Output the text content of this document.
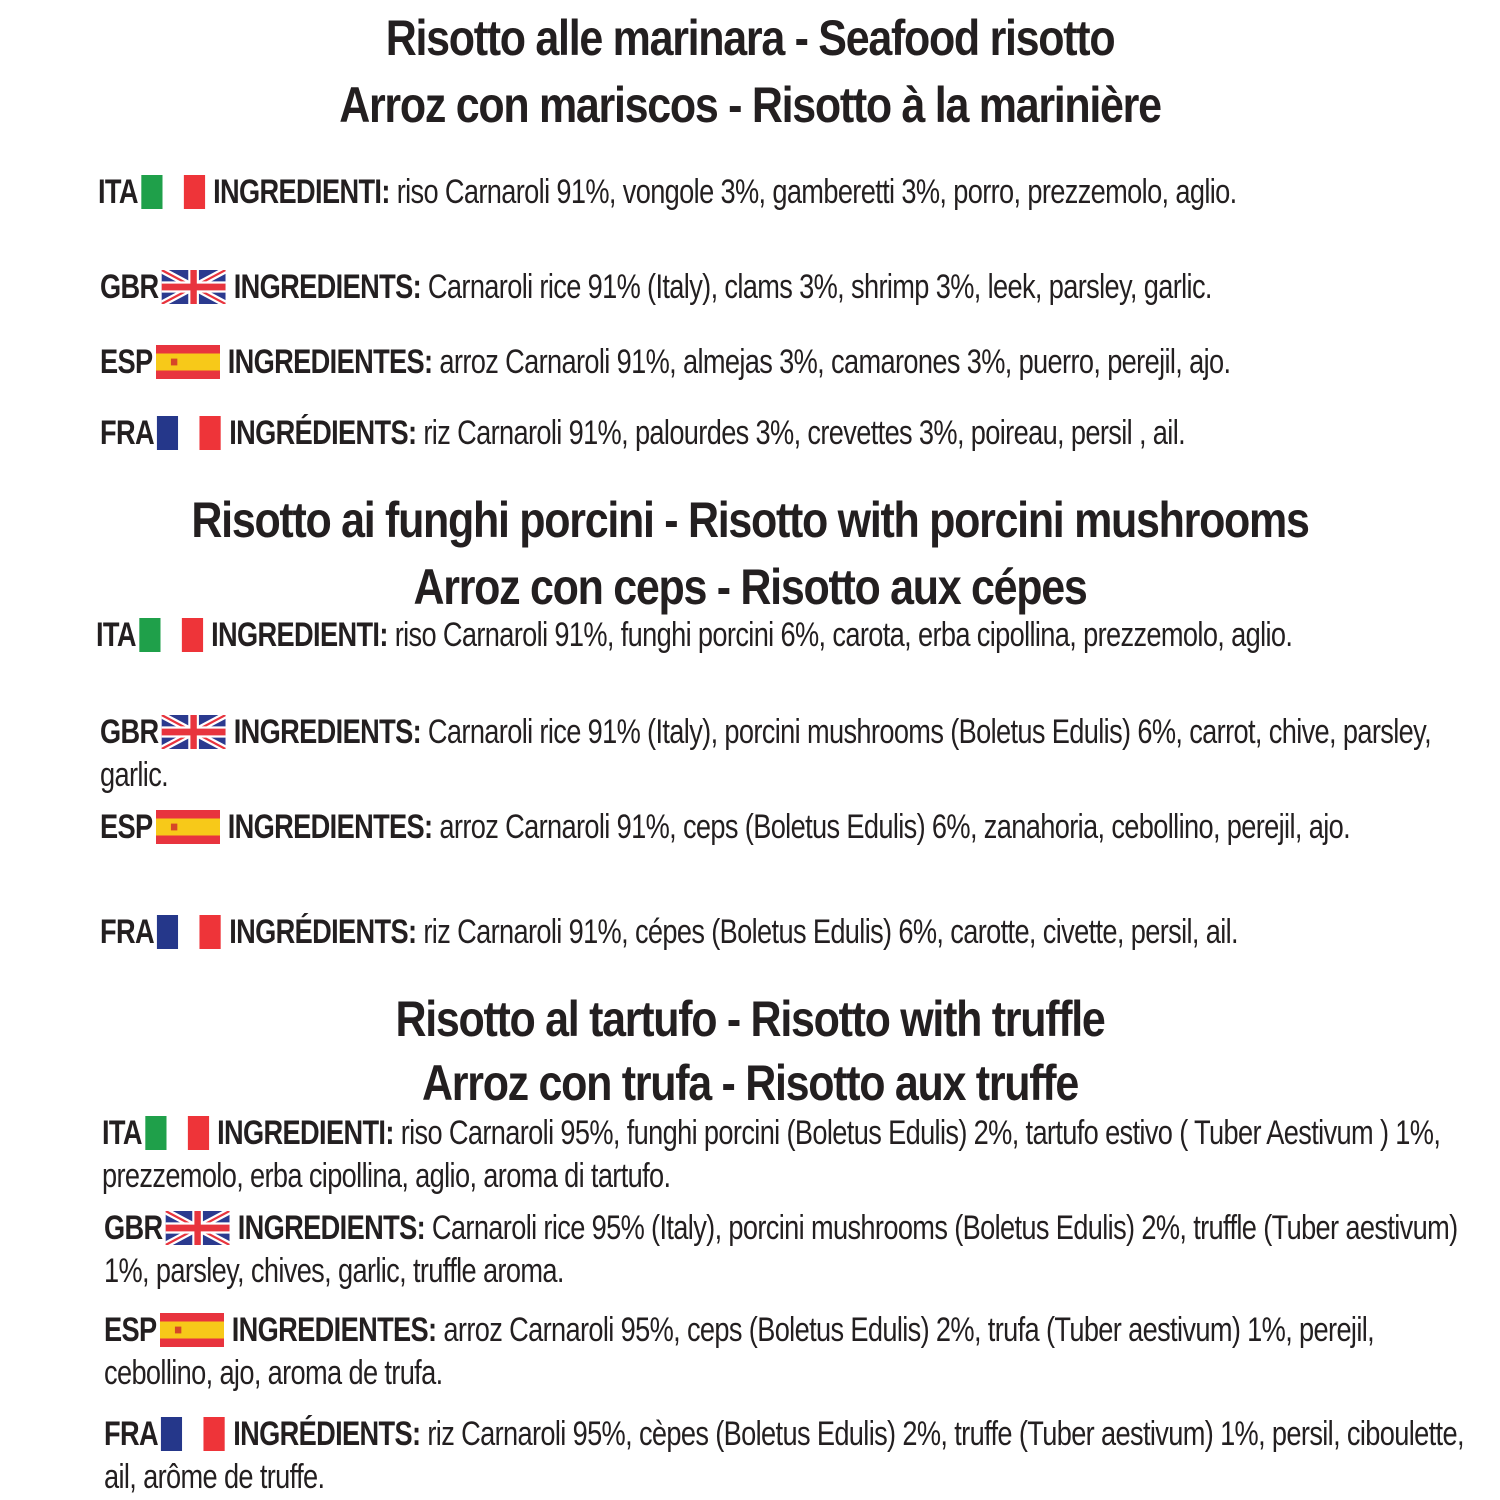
Risotto alle marinara - Seafood risotto
Arroz con mariscos - Risotto à la marinière
ITA INGREDIENTI: riso Carnaroli 91%, vongole 3%, gamberetti 3%, porro, prezzemolo, aglio.
GBR INGREDIENTS: Carnaroli rice 91% (Italy), clams 3%, shrimp 3%, leek, parsley, garlic.
ESP INGREDIENTES: arroz Carnaroli 91%, almejas 3%, camarones 3%, puerro, perejil, ajo.
FRA INGRÉDIENTS: riz Carnaroli 91%, palourdes 3%, crevettes 3%, poireau, persil , ail.
Risotto ai funghi porcini - Risotto with porcini mushrooms
Arroz con ceps - Risotto aux cépes
ITA INGREDIENTI: riso Carnaroli 91%, funghi porcini 6%, carota, erba cipollina, prezzemolo, aglio.
GBR INGREDIENTS: Carnaroli rice 91% (Italy), porcini mushrooms (Boletus Edulis) 6%, carrot, chive, parsley, garlic.
ESP INGREDIENTES: arroz Carnaroli 91%, ceps (Boletus Edulis) 6%, zanahoria, cebollino, perejil, ajo.
FRA INGRÉDIENTS: riz Carnaroli 91%, cépes (Boletus Edulis) 6%, carotte, civette, persil, ail.
Risotto al tartufo - Risotto with truffle
Arroz con trufa - Risotto aux truffe
ITA INGREDIENTI: riso Carnaroli 95%, funghi porcini (Boletus Edulis) 2%, tartufo estivo ( Tuber Aestivum ) 1%, prezzemolo, erba cipollina, aglio, aroma di tartufo.
GBR INGREDIENTS: Carnaroli rice 95% (Italy), porcini mushrooms (Boletus Edulis) 2%, truffle (Tuber aestivum) 1%, parsley, chives, garlic, truffle aroma.
ESP INGREDIENTES: arroz Carnaroli 95%, ceps (Boletus Edulis) 2%, trufa (Tuber aestivum) 1%, perejil, cebollino, ajo, aroma de trufa.
FRA INGRÉDIENTS: riz Carnaroli 95%, cèpes (Boletus Edulis) 2%, truffe (Tuber aestivum) 1%, persil, ciboulette, ail, arôme de truffe.
